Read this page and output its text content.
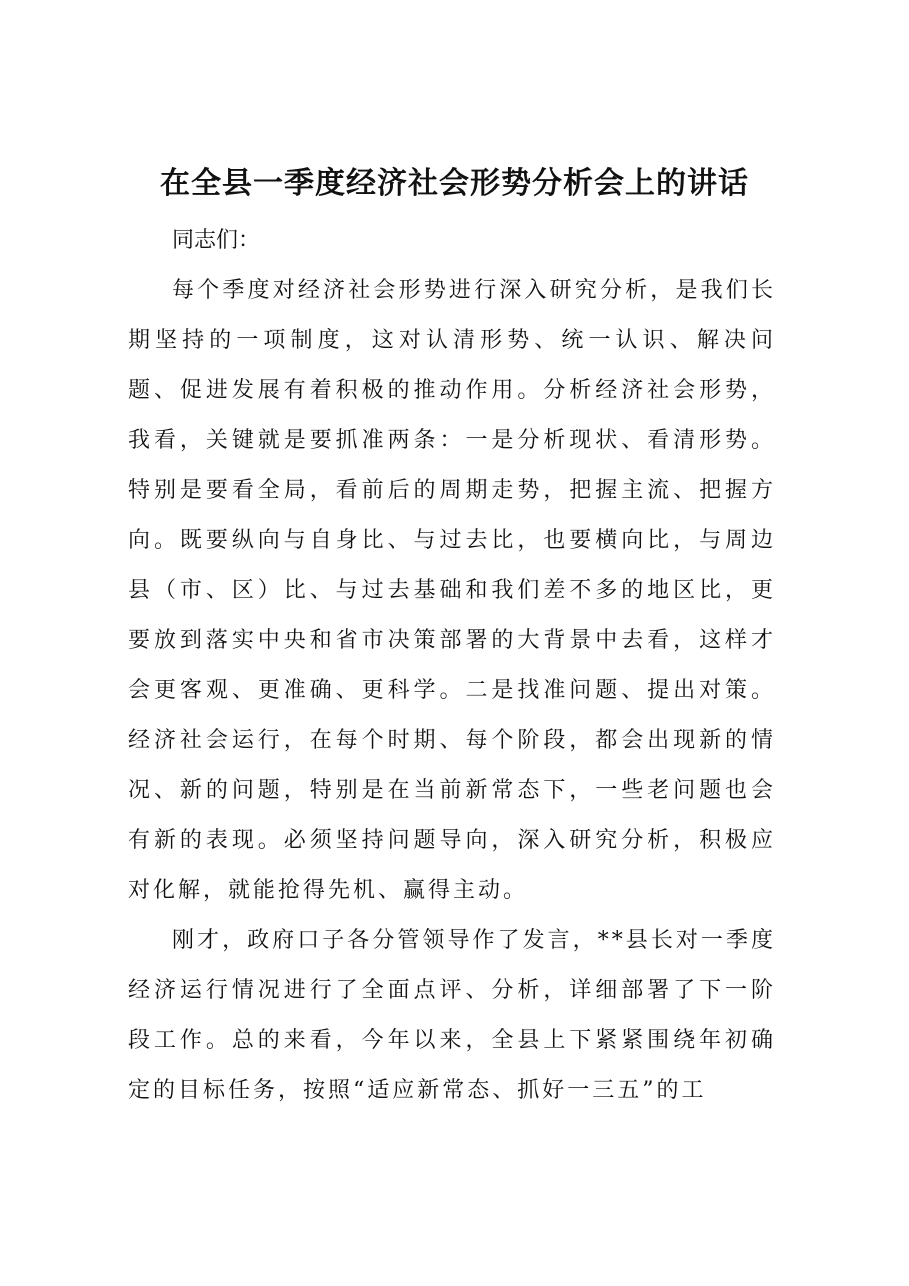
在全县一季度经济社会形势分析会上的讲话

同志们：

每个季度对经济社会形势进行深入研究分析，是我们长期坚持的一项制度，这对认清形势、统一认识、解决问题、促进发展有着积极的推动作用。分析经济社会形势，我看，关键就是要抓准两条：一是分析现状、看清形势。特别是要看全局，看前后的周期走势，把握主流、把握方向。既要纵向与自身比、与过去比，也要横向比，与周边县（市、区）比、与过去基础和我们差不多的地区比，更要放到落实中央和省市决策部署的大背景中去看，这样才会更客观、更准确、更科学。二是找准问题、提出对策。经济社会运行，在每个时期、每个阶段，都会出现新的情况、新的问题，特别是在当前新常态下，一些老问题也会有新的表现。必须坚持问题导向，深入研究分析，积极应对化解，就能抢得先机、赢得主动。

刚才，政府口子各分管领导作了发言，**县长对一季度经济运行情况进行了全面点评、分析，详细部署了下一阶段工作。总的来看，今年以来，全县上下紧紧围绕年初确定的目标任务，按照“适应新常态、抓好一三五”的工
